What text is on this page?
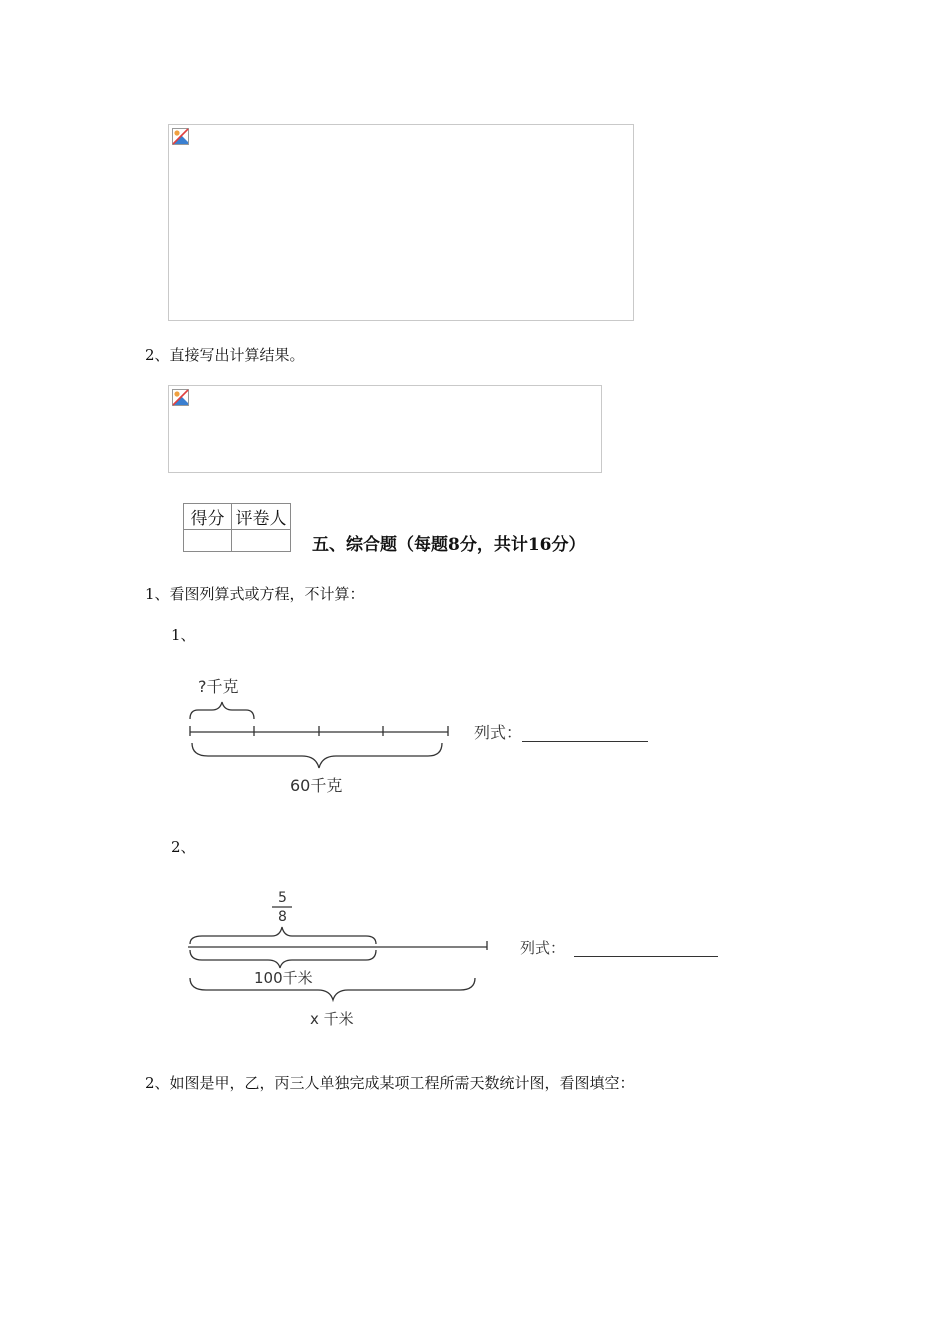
2、直接写出计算结果。
得分	评卷人

五、综合题（每题8分，共计16分）
1、看图列算式或方程，不计算：
1、
?千克
60千克
列式：
2、
5
8
100千米
x 千米
列式：
2、如图是甲，乙，丙三人单独完成某项工程所需天数统计图，看图填空：
